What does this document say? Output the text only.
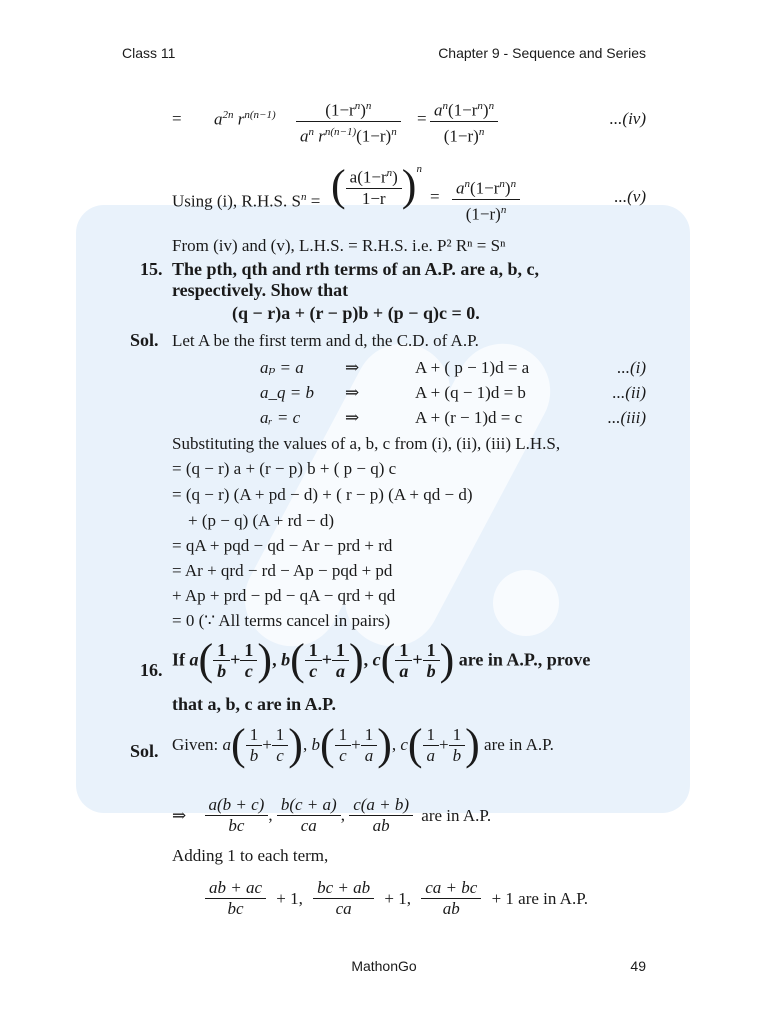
Class 11	Chapter 9 - Sequence and Series
= $a^{2n}$ $r^{n(n-1)} \frac{(1-r^n)^n}{a^n r^{n(n-1)}(1-r)^n} = \frac{a^n(1-r^n)^n}{(1-r)^n}$	...(iv)
Using (i), R.H.S. $S^n$ = ( $\frac{a(1-r^n)}{1-r} )^n$
= $\frac{a^n(1-r^n)^n}{(1-r)^n}$	...(v)
From (iv) and (v), L.H.S. = R.H.S. i.e. P² Rⁿ = Sⁿ
15. The pth, qth and rth terms of an A.P. are a, b, c,
respectively. Show that
(q − r)a + (r − p)b + (p − q)c = 0.
Sol. Let A be the first term and d, the C.D. of A.P.
aₚ = a ⇒	A + ( p − 1)d = a	...(i)
a_q = b ⇒	A + (q − 1)d = b	...(ii)
aᵣ = c	⇒	A + (r − 1)d = c	...(iii)
Substituting the values of a, b, c from (i), (ii), (iii) L.H.S,
= (q − r) a + (r − p) b + ( p − q) c
= (q − r) (A + pd − d) + ( r − p) (A + qd − d)
+ (p − q) (A + rd − d)
= qA + pqd − qd − Ar − prd + rd
= Ar + qrd − rd − Ap − pqd + pd
+ Ap + prd − pd − qA − qrd + qd
= 0 (∵ All terms cancel in pairs)
16.
If $a( \frac{1}{b} + \frac{1}{c}$ ), $b( \frac{1}{c} + \frac{1}{a}$ ), $c( \frac{1}{a} + \frac{1}{b}$ ) are in A.P., prove
that a, b, c are in A.P.
Sol. Given: $a( \frac{1}{b} + \frac{1}{c}$ ), $b( \frac{1}{c} + \frac{1}{a}$ ), $c( \frac{1}{a} + \frac{1}{b}$ ) are in A.P.
⇒ $\frac{a(b + c)}{bc}$ , $\frac{b(c + a)}{ca}$ , $\frac{c(a + b)}{ab}$ are in A.P.
Adding 1 to each term,
$\frac{ab + ac}{bc} + 1$, $\frac{bc + ab}{ca} + 1$, $\frac{ca + bc}{ab} + 1$ are in A.P.
MathonGo	49
